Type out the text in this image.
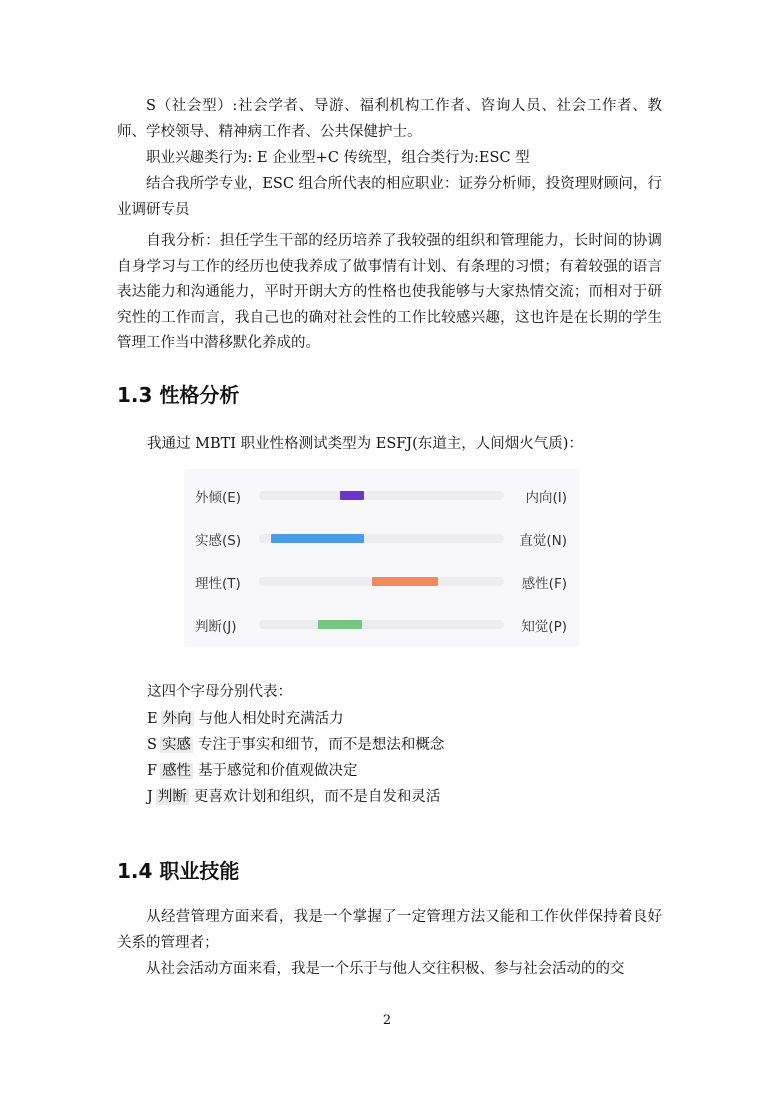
S（社会型）:社会学者、导游、福利机构工作者、咨询人员、社会工作者、教师、学校领导、精神病工作者、公共保健护士。

职业兴趣类行为: E 企业型+C 传统型，组合类行为:ESC 型

结合我所学专业，ESC 组合所代表的相应职业：证券分析师，投资理财顾问，行业调研专员

自我分析：担任学生干部的经历培养了我较强的组织和管理能力，长时间的协调自身学习与工作的经历也使我养成了做事情有计划、有条理的习惯；有着较强的语言表达能力和沟通能力，平时开朗大方的性格也使我能够与大家热情交流；而相对于研究性的工作而言，我自己也的确对社会性的工作比较感兴趣，这也许是在长期的学生管理工作当中潜移默化养成的。

1.3 性格分析

我通过 MBTI 职业性格测试类型为 ESFJ(东道主，人间烟火气质)：

外倾(E)	内向(I)
实感(S)	直觉(N)
理性(T)	感性(F)
判断(J)	知觉(P)

这四个字母分别代表：

E 外向 与他人相处时充满活力

S 实感 专注于事实和细节，而不是想法和概念

F 感性 基于感觉和价值观做决定

J 判断 更喜欢计划和组织，而不是自发和灵活

1.4 职业技能

从经营管理方面来看，我是一个掌握了一定管理方法又能和工作伙伴保持着良好关系的管理者；

从社会活动方面来看，我是一个乐于与他人交往积极、参与社会活动的的交

2
